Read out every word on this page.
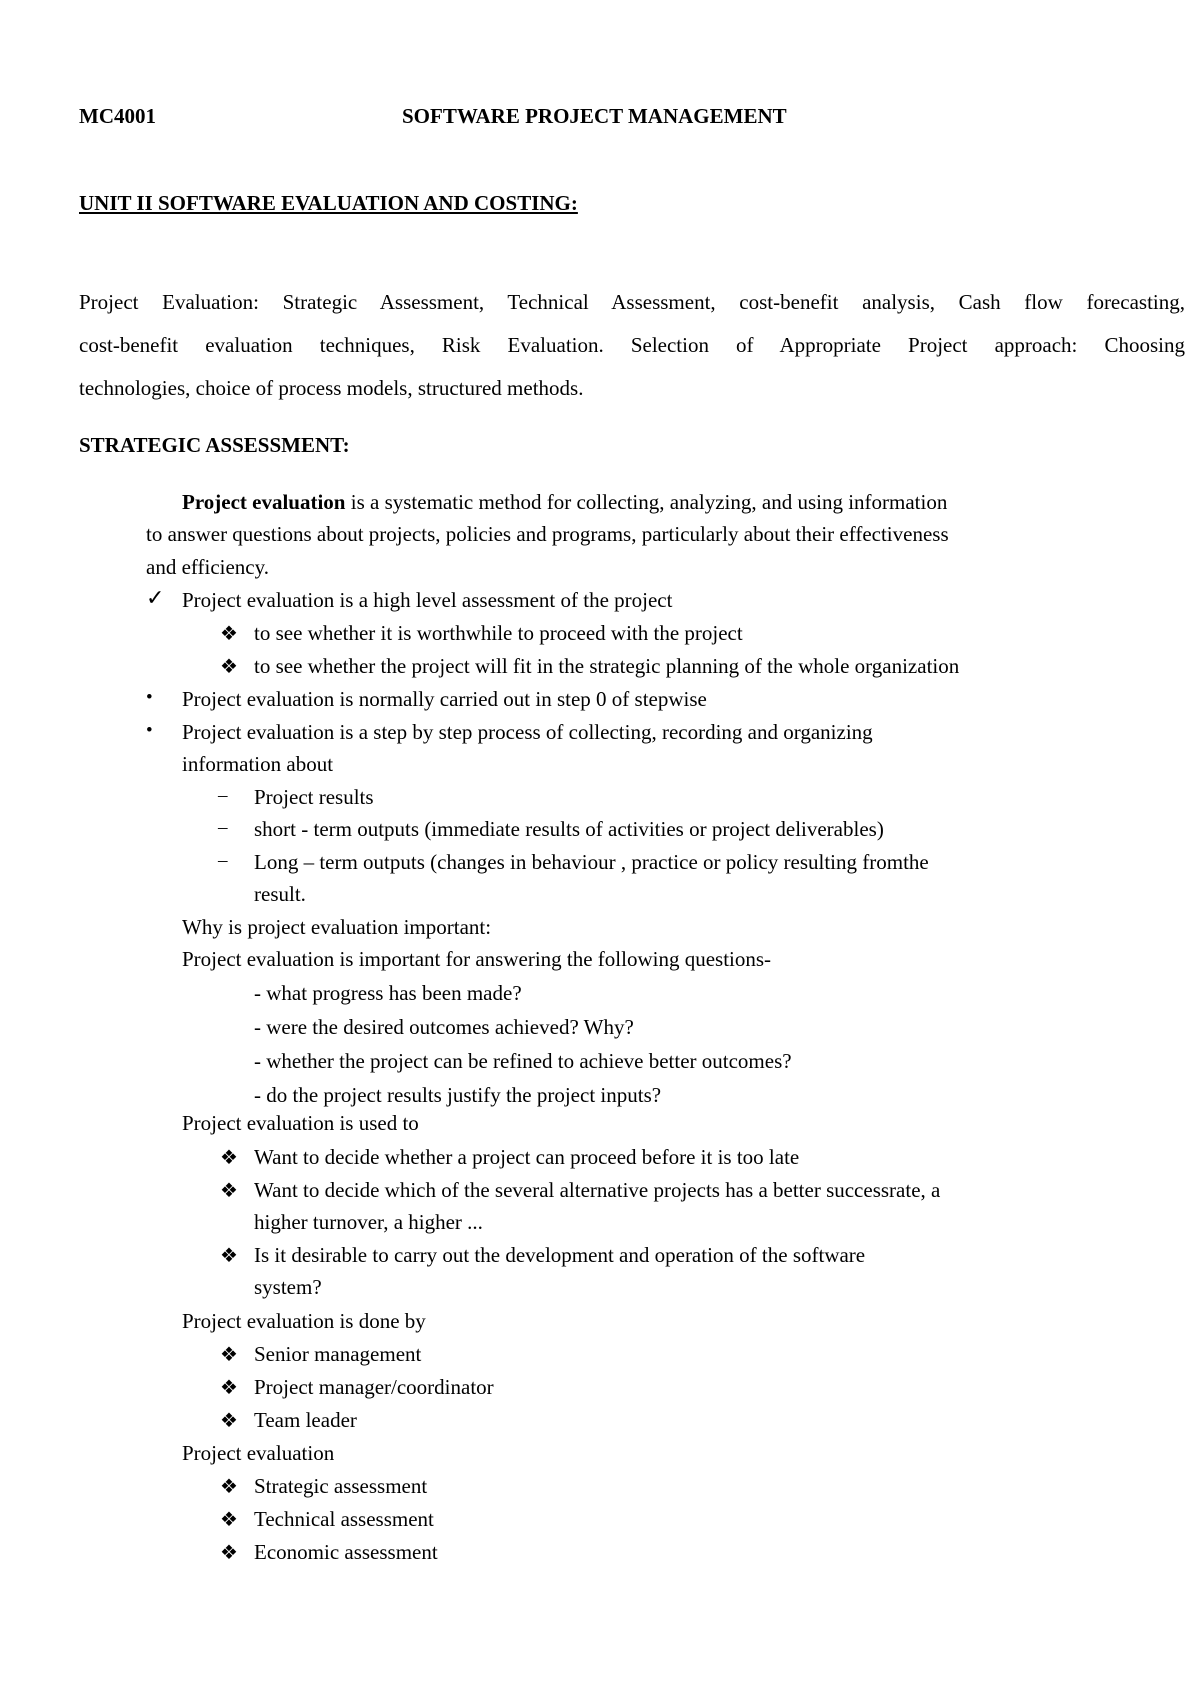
MC4001	SOFTWARE PROJECT MANAGEMENT
UNIT II SOFTWARE EVALUATION AND COSTING:
Project Evaluation: Strategic Assessment, Technical Assessment, cost-benefit analysis, Cash flow forecasting,
cost-benefit evaluation techniques, Risk Evaluation. Selection of Appropriate Project approach: Choosing
technologies, choice of process models, structured methods.
STRATEGIC ASSESSMENT:
Project evaluation is a systematic method for collecting, analyzing, and using information
to answer questions about projects, policies and programs, particularly about their effectiveness
and efficiency.
✓ Project evaluation is a high level assessment of the project
❖ to see whether it is worthwhile to proceed with the project
❖ to see whether the project will fit in the strategic planning of the whole organization
• Project evaluation is normally carried out in step 0 of stepwise
• Project evaluation is a step by step process of collecting, recording and organizing
information about
– Project results
– short - term outputs (immediate results of activities or project deliverables)
– Long – term outputs (changes in behaviour , practice or policy resulting fromthe
result.
Why is project evaluation important:
Project evaluation is important for answering the following questions-
- what progress has been made?
- were the desired outcomes achieved? Why?
- whether the project can be refined to achieve better outcomes?
- do the project results justify the project inputs?
Project evaluation is used to
❖ Want to decide whether a project can proceed before it is too late
❖ Want to decide which of the several alternative projects has a better successrate, a
higher turnover, a higher ...
❖ Is it desirable to carry out the development and operation of the software
system?
Project evaluation is done by
❖ Senior management
❖ Project manager/coordinator
❖ Team leader
Project evaluation
❖ Strategic assessment
❖ Technical assessment
❖ Economic assessment
